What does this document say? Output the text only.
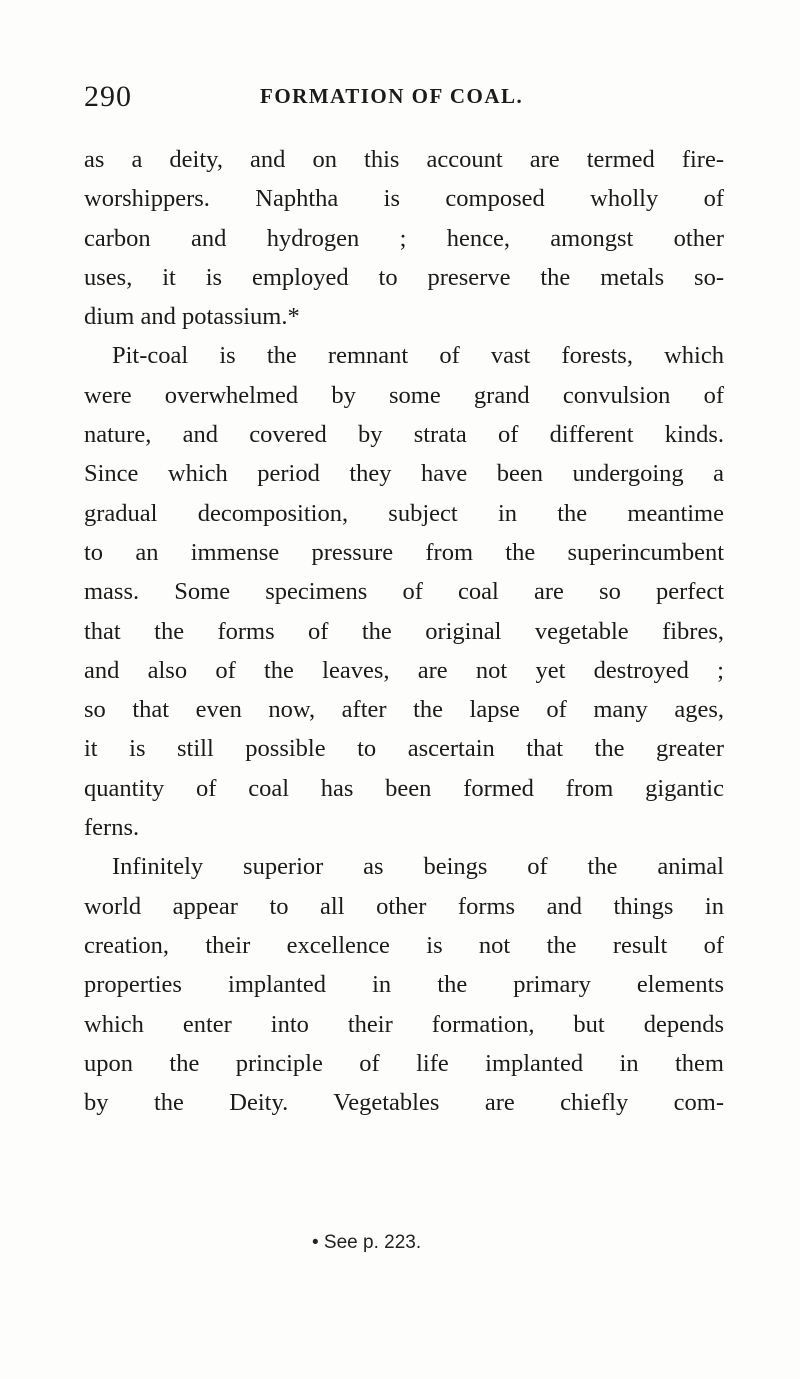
290	FORMATION OF COAL.
as a deity, and on this account are termed fire-
worshippers. Naphtha is composed wholly of
carbon and hydrogen ; hence, amongst other
uses, it is employed to preserve the metals so-
dium and potassium.*
Pit-coal is the remnant of vast forests, which
were overwhelmed by some grand convulsion of
nature, and covered by strata of different kinds.
Since which period they have been undergoing a
gradual decomposition, subject in the meantime
to an immense pressure from the superincumbent
mass. Some specimens of coal are so perfect
that the forms of the original vegetable fibres,
and also of the leaves, are not yet destroyed ;
so that even now, after the lapse of many ages,
it is still possible to ascertain that the greater
quantity of coal has been formed from gigantic
ferns.
Infinitely superior as beings of the animal
world appear to all other forms and things in
creation, their excellence is not the result of
properties implanted in the primary elements
which enter into their formation, but depends
upon the principle of life implanted in them
by the Deity. Vegetables are chiefly com-
• See p. 223.
